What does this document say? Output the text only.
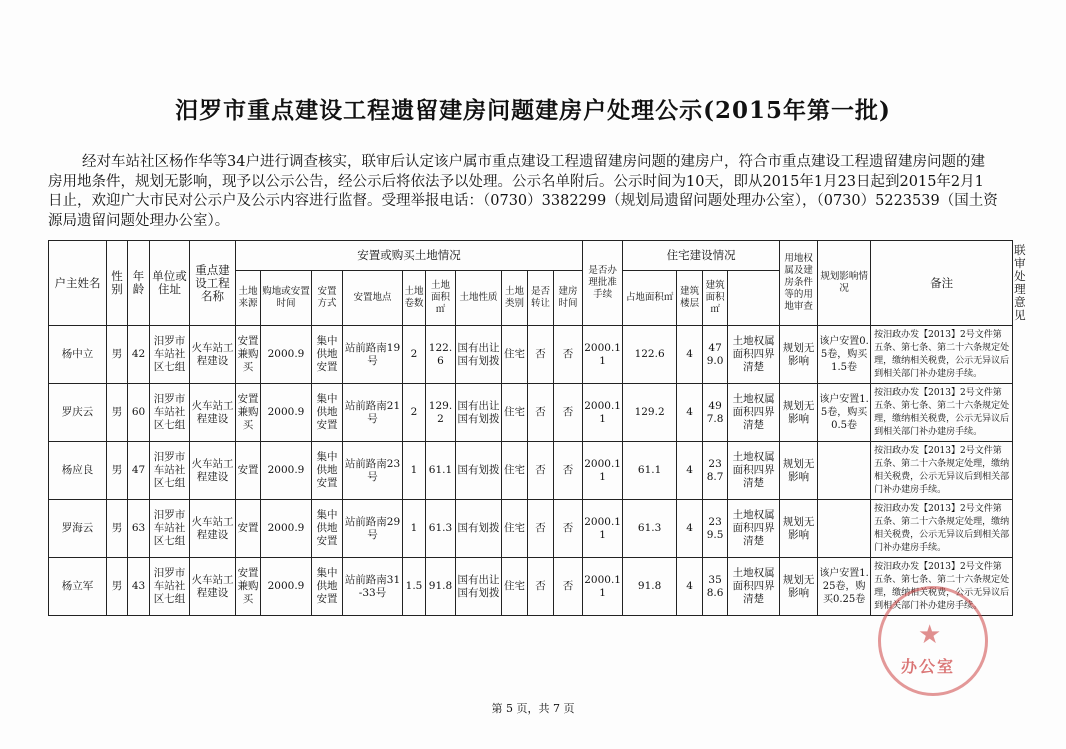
汨罗市重点建设工程遗留建房问题建房户处理公示(2015年第一批)

经对车站社区杨作华等34户进行调查核实，联审后认定该户属市重点建设工程遗留建房问题的建房户，符合市重点建设工程遗留建房问题的建房用地条件，规划无影响，现予以公示公告，经公示后将依法予以处理。公示名单附后。公示时间为10天，即从2015年1月23日起到2015年2月1日止，欢迎广大市民对公示户及公示内容进行监督。受理举报电话：（0730）3382299（规划局遗留问题处理办公室），（0730）5223539（国土资源局遗留问题处理办公室）。

户主姓名	性别	年龄	单位或住址	重点建设工程名称	安置或购买土地情况										是否办理批准手续	住宅建设情况				用地权属及建房条件等的用地审查	规划影响情况	备注	联审处理意见
					土地来源	购地或安置时间	安置方式	安置地点	土地卷数	土地面积㎡	土地性质	土地类别	是否转让	建房时间		占地面积㎡	建筑楼层	建筑面积㎡					
杨中立	男	42	汨罗市车站社区七组	火车站工程建设	安置兼购买	2000.9	集中供地安置	站前路南19号	2	122.6	国有出让国有划拨	住宅	否	否	2000.11	122.6	4	479.0	土地权属面积四界清楚	规划无影响	该户安置0.5卷，购买1.5卷	按汨政办发【2013】2号文件第五条、第七条、第二十六条规定处理，缴纳相关税费，公示无异议后到相关部门补办建房手续。	
罗庆云	男	60	汨罗市车站社区七组	火车站工程建设	安置兼购买	2000.9	集中供地安置	站前路南21号	2	129.2	国有出让国有划拨	住宅	否	否	2000.11	129.2	4	497.8	土地权属面积四界清楚	规划无影响	该户安置1.5卷，购买0.5卷	按汨政办发【2013】2号文件第五条、第七条、第二十六条规定处理，缴纳相关税费，公示无异议后到相关部门补办建房手续。	
杨应良	男	47	汨罗市车站社区七组	火车站工程建设	安置	2000.9	集中供地安置	站前路南23号	1	61.1	国有划拨	住宅	否	否	2000.11	61.1	4	238.7	土地权属面积四界清楚	规划无影响		按汨政办发【2013】2号文件第五条、第二十六条规定处理，缴纳相关税费，公示无异议后到相关部门补办建房手续。	
罗海云	男	63	汨罗市车站社区七组	火车站工程建设	安置	2000.9	集中供地安置	站前路南29号	1	61.3	国有划拨	住宅	否	否	2000.11	61.3	4	239.5	土地权属面积四界清楚	规划无影响		按汨政办发【2013】2号文件第五条、第二十六条规定处理，缴纳相关税费，公示无异议后到相关部门补办建房手续。	
杨立军	男	43	汨罗市车站社区七组	火车站工程建设	安置兼购买	2000.9	集中供地安置	站前路南31-33号	1.5	91.8	国有出让国有划拨	住宅	否	否	2000.11	91.8	4	358.6	土地权属面积四界清楚	规划无影响	该户安置1.25卷，购买0.25卷	按汨政办发【2013】2号文件第五条、第七条、第二十六条规定处理，缴纳相关税费，公示无异议后到相关部门补办建房手续。	
★
办公室
第 5 页，共 7 页
